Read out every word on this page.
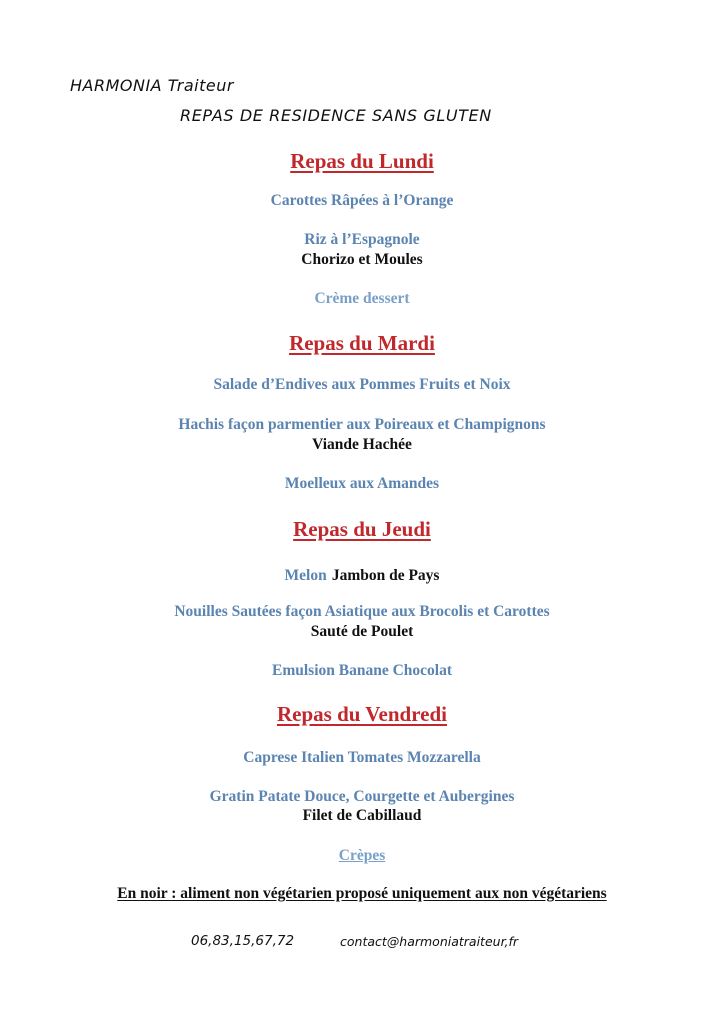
HARMONIA Traiteur
REPAS DE RESIDENCE SANS GLUTEN
Repas du Lundi
Carottes Râpées à l’Orange
Riz à l’Espagnole
Chorizo et Moules
Crème dessert
Repas du Mardi
Salade d’Endives aux Pommes Fruits et Noix
Hachis façon parmentier aux Poireaux et Champignons
Viande Hachée
Moelleux aux Amandes
Repas du Jeudi
Melon Jambon de Pays
Nouilles Sautées façon Asiatique aux Brocolis et Carottes
Sauté de Poulet
Emulsion Banane Chocolat
Repas du Vendredi
Caprese Italien Tomates Mozzarella
Gratin Patate Douce, Courgette et Aubergines
Filet de Cabillaud
Crèpes
En noir : aliment non végétarien proposé uniquement aux non végétariens
06,83,15,67,72	contact@harmoniatraiteur,fr
